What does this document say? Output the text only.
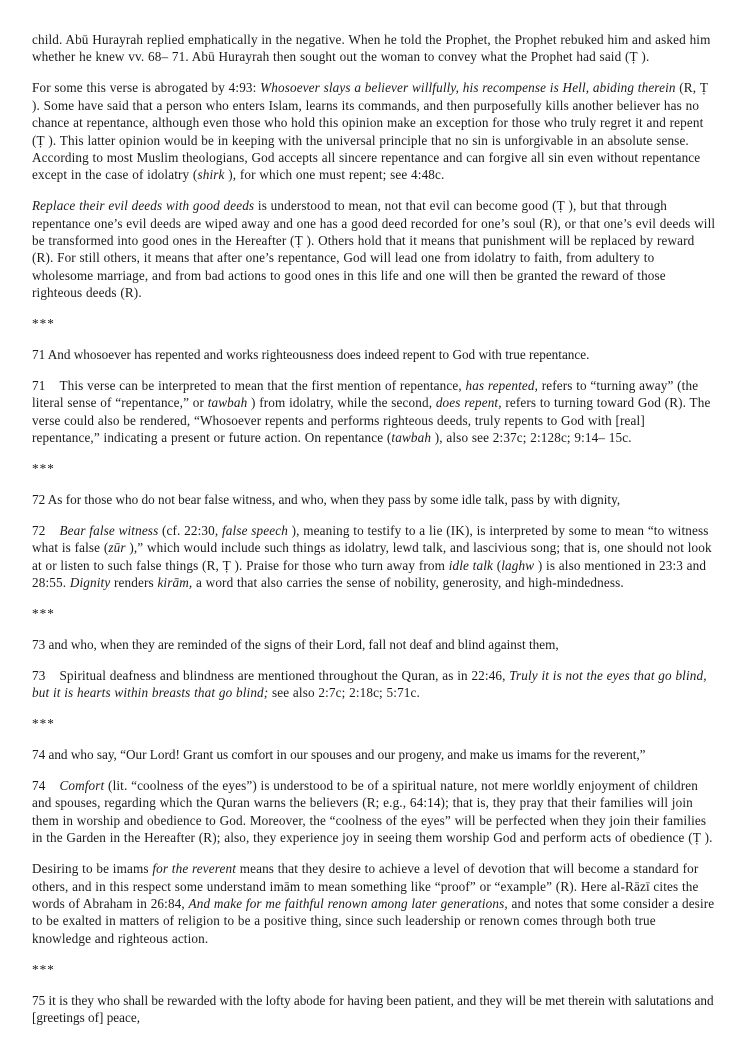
child. Abū Hurayrah replied emphatically in the negative. When he told the Prophet, the Prophet rebuked him and asked him whether he knew vv. 68– 71. Abū Hurayrah then sought out the woman to convey what the Prophet had said (Ṭ ).

For some this verse is abrogated by 4:93: Whosoever slays a believer willfully, his recompense is Hell, abiding therein (R, Ṭ ). Some have said that a person who enters Islam, learns its commands, and then purposefully kills another believer has no chance at repentance, although even those who hold this opinion make an exception for those who truly regret it and repent (Ṭ ). This latter opinion would be in keeping with the universal principle that no sin is unforgivable in an absolute sense. According to most Muslim theologians, God accepts all sincere repentance and can forgive all sin even without repentance except in the case of idolatry (shirk ), for which one must repent; see 4:48c.

Replace their evil deeds with good deeds is understood to mean, not that evil can become good (Ṭ ), but that through repentance one’s evil deeds are wiped away and one has a good deed recorded for one’s soul (R), or that one’s evil deeds will be transformed into good ones in the Hereafter (Ṭ ). Others hold that it means that punishment will be replaced by reward (R). For still others, it means that after one’s repentance, God will lead one from idolatry to faith, from adultery to wholesome marriage, and from bad actions to good ones in this life and one will then be granted the reward of those righteous deeds (R).

***

71 And whosoever has repented and works righteousness does indeed repent to God with true repentance.

71 This verse can be interpreted to mean that the first mention of repentance, has repented, refers to “turning away” (the literal sense of “repentance,” or tawbah ) from idolatry, while the second, does repent, refers to turning toward God (R). The verse could also be rendered, “Whosoever repents and performs righteous deeds, truly repents to God with [real] repentance,” indicating a present or future action. On repentance (tawbah ), also see 2:37c; 2:128c; 9:14– 15c.

***

72 As for those who do not bear false witness, and who, when they pass by some idle talk, pass by with dignity,

72 Bear false witness (cf. 22:30, false speech ), meaning to testify to a lie (IK), is interpreted by some to mean “to witness what is false (zūr ),” which would include such things as idolatry, lewd talk, and lascivious song; that is, one should not look at or listen to such false things (R, Ṭ ). Praise for those who turn away from idle talk (laghw ) is also mentioned in 23:3 and 28:55. Dignity renders kirām, a word that also carries the sense of nobility, generosity, and high-mindedness.

***

73 and who, when they are reminded of the signs of their Lord, fall not deaf and blind against them,

73 Spiritual deafness and blindness are mentioned throughout the Quran, as in 22:46, Truly it is not the eyes that go blind, but it is hearts within breasts that go blind; see also 2:7c; 2:18c; 5:71c.

***

74 and who say, “Our Lord! Grant us comfort in our spouses and our progeny, and make us imams for the reverent,”

74 Comfort (lit. “coolness of the eyes”) is understood to be of a spiritual nature, not mere worldly enjoyment of children and spouses, regarding which the Quran warns the believers (R; e.g., 64:14); that is, they pray that their families will join them in worship and obedience to God. Moreover, the “coolness of the eyes” will be perfected when they join their families in the Garden in the Hereafter (R); also, they experience joy in seeing them worship God and perform acts of obedience (Ṭ ).

Desiring to be imams for the reverent means that they desire to achieve a level of devotion that will become a standard for others, and in this respect some understand imām to mean something like “proof” or “example” (R). Here al-Rāzī cites the words of Abraham in 26:84, And make for me faithful renown among later generations, and notes that some consider a desire to be exalted in matters of religion to be a positive thing, since such leadership or renown comes through both true knowledge and righteous action.

***

75 it is they who shall be rewarded with the lofty abode for having been patient, and they will be met therein with salutations and [greetings of] peace,
